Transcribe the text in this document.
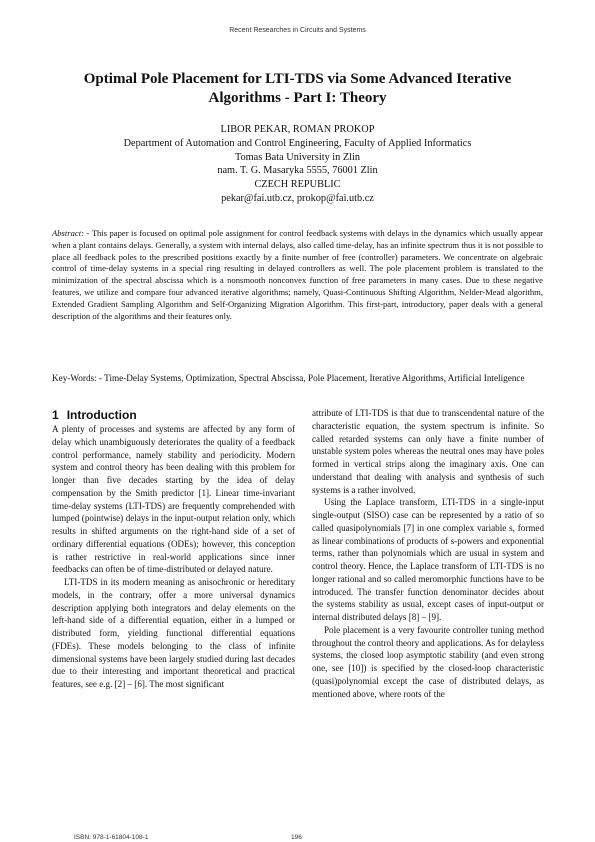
Recent Researches in Circuits and Systems
Optimal Pole Placement for LTI-TDS via Some Advanced Iterative
Algorithms - Part I: Theory
LIBOR PEKAR, ROMAN PROKOP
Department of Automation and Control Engineering, Faculty of Applied Informatics
Tomas Bata University in Zlin
nam. T. G. Masaryka 5555, 76001 Zlin
CZECH REPUBLIC
pekar@fai.utb.cz, prokop@fai.utb.cz
Abstract: - This paper is focused on optimal pole assignment for control feedback systems with delays in the dynamics which usually appear when a plant contains delays. Generally, a system with internal delays, also called time-delay, has an infinite spectrum thus it is not possible to place all feedback poles to the prescribed positions exactly by a finite number of free (controller) parameters. We concentrate on algebraic control of time-delay systems in a special ring resulting in delayed controllers as well. The pole placement problem is translated to the minimization of the spectral abscissa which is a nonsmooth nonconvex function of free parameters in many cases. Due to these negative features, we utilize and compare four advanced iterative algorithms; namely, Quasi-Continuous Shifting Algorithm, Nelder-Mead algorithm, Extended Gradient Sampling Algorithm and Self-Organizing Migration Algorithm. This first-part, introductory, paper deals with a general description of the algorithms and their features only.
Key-Words: - Time-Delay Systems, Optimization, Spectral Abscissa, Pole Placement, Iterative Algorithms, Artificial Inteligence
1 Introduction

A plenty of processes and systems are affected by any form of delay which unambiguously deteriorates the quality of a feedback control performance, namely stability and periodicity. Modern system and control theory has been dealing with this problem for longer than five decades starting by the idea of delay compensation by the Smith predictor [1]. Linear time-invariant time-delay systems (LTI-TDS) are frequently comprehended with lumped (pointwise) delays in the input-output relation only, which results in shifted arguments on the right-hand side of a set of ordinary differential equations (ODEs); however, this conception is rather restrictive in real-world applications since inner feedbacks can often be of time-distributed or delayed nature.

LTI-TDS in its modern meaning as anisochronic or hereditary models, in the contrary, offer a more universal dynamics description applying both integrators and delay elements on the left-hand side of a differential equation, either in a lumped or distributed form, yielding functional differential equations (FDEs). These models belonging to the class of infinite dimensional systems have been largely studied during last decades due to their interesting and important theoretical and practical features, see e.g. [2] – [6]. The most significant

attribute of LTI-TDS is that due to transcendental nature of the characteristic equation, the system spectrum is infinite. So called retarded systems can only have a finite number of unstable system poles whereas the neutral ones may have poles formed in vertical strips along the imaginary axis. One can understand that dealing with analysis and synthesis of such systems is a rather involved.

Using the Laplace transform, LTI-TDS in a single-input single-output (SISO) case can be represented by a ratio of so called quasipolynomials [7] in one complex variable s, formed as linear combinations of products of s-powers and exponential terms, rather than polynomials which are usual in system and control theory. Hence, the Laplace transform of LTI-TDS is no longer rational and so called meromorphic functions have to be introduced. The transfer function denominator decides about the systems stability as usual, except cases of input-output or internal distributed delays [8] – [9].

Pole placement is a very favourite controller tuning method throughout the control theory and applications. As for delayless systems, the closed loop asymptotic stability (and even strong one, see [10]) is specified by the closed-loop characteristic (quasi)polynomial except the case of distributed delays, as mentioned above, where roots of the

ISBN: 978-1-61804-108-1	196
